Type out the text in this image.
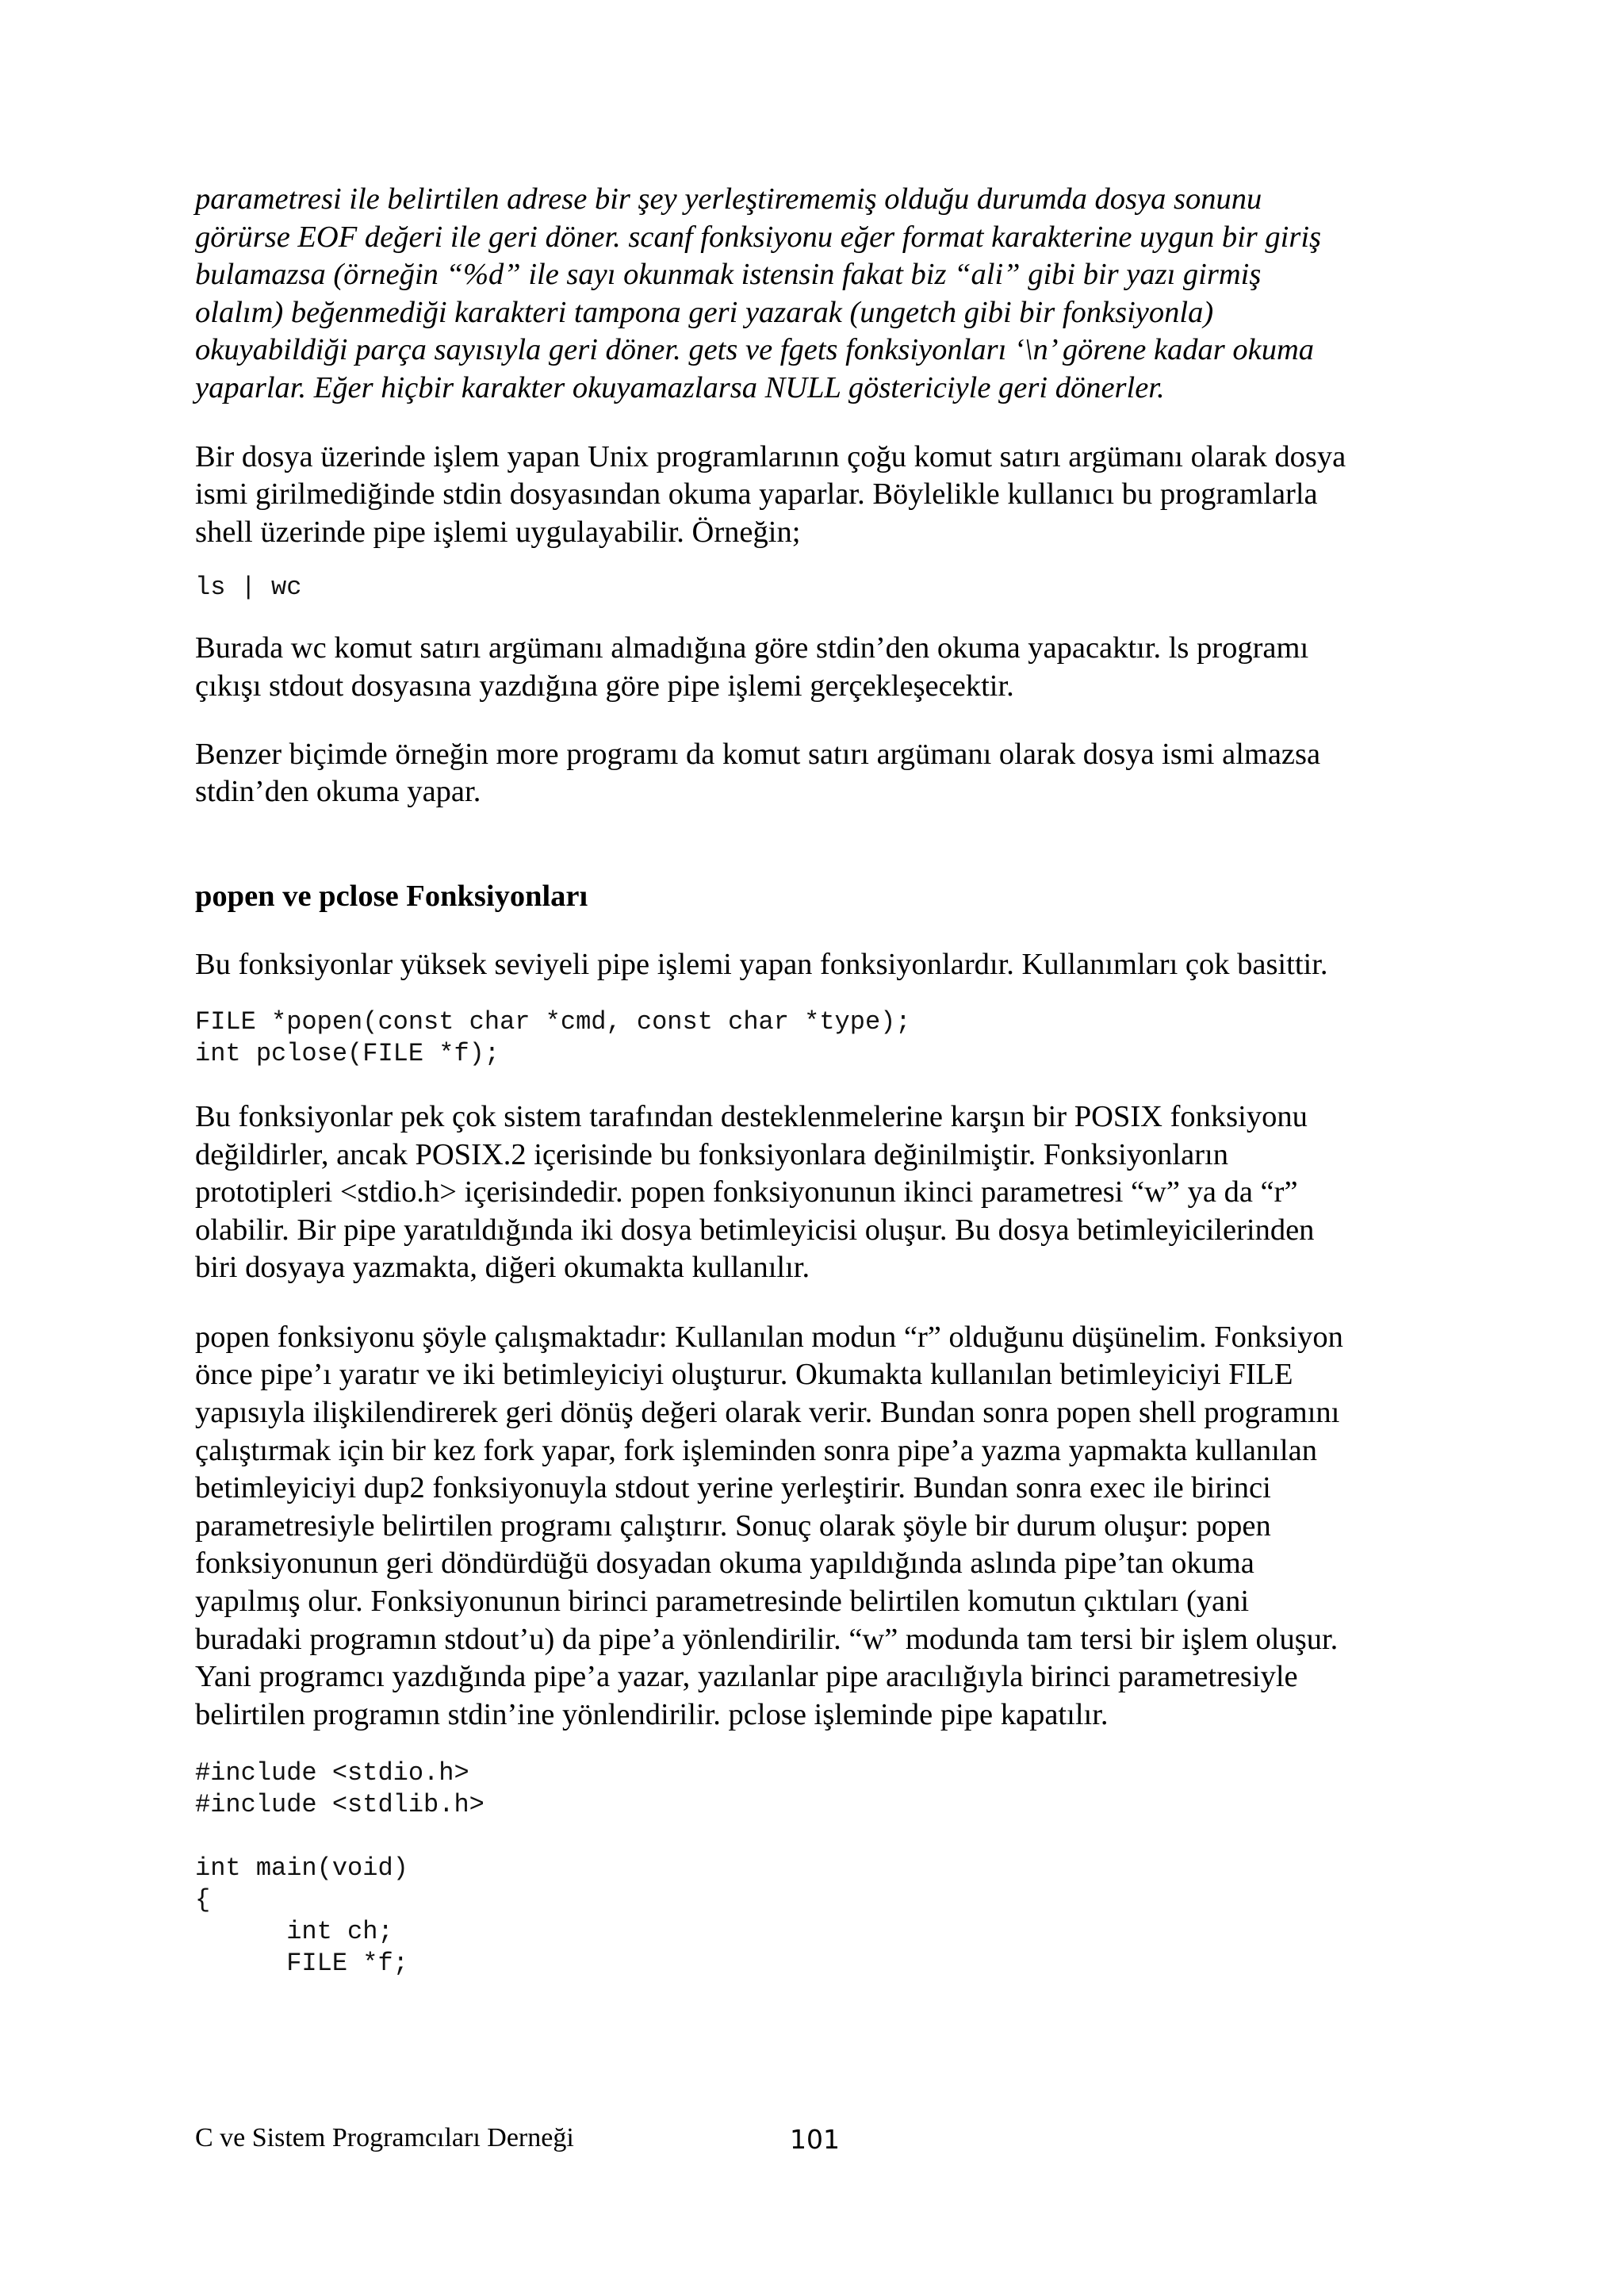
parametresi ile belirtilen adrese bir şey yerleştirememiş olduğu durumda dosya sonunu
görürse EOF değeri ile geri döner. scanf fonksiyonu eğer format karakterine uygun bir giriş
bulamazsa (örneğin “%d” ile sayı okunmak istensin fakat biz “ali” gibi bir yazı girmiş
olalım) beğenmediği karakteri tampona geri yazarak (ungetch gibi bir fonksiyonla)
okuyabildiği parça sayısıyla geri döner. gets ve fgets fonksiyonları ‘\n’ görene kadar okuma
yaparlar. Eğer hiçbir karakter okuyamazlarsa NULL göstericiyle geri dönerler.

Bir dosya üzerinde işlem yapan Unix programlarının çoğu komut satırı argümanı olarak dosya
ismi girilmediğinde stdin dosyasından okuma yaparlar. Böylelikle kullanıcı bu programlarla
shell üzerinde pipe işlemi uygulayabilir. Örneğin;

ls | wc

Burada wc komut satırı argümanı almadığına göre stdin’den okuma yapacaktır. ls programı
çıkışı stdout dosyasına yazdığına göre pipe işlemi gerçekleşecektir.

Benzer biçimde örneğin more programı da komut satırı argümanı olarak dosya ismi almazsa
stdin’den okuma yapar.

popen ve pclose Fonksiyonları

Bu fonksiyonlar yüksek seviyeli pipe işlemi yapan fonksiyonlardır. Kullanımları çok basittir.

FILE *popen(const char *cmd, const char *type);
int pclose(FILE *f);

Bu fonksiyonlar pek çok sistem tarafından desteklenmelerine karşın bir POSIX fonksiyonu
değildirler, ancak POSIX.2 içerisinde bu fonksiyonlara değinilmiştir. Fonksiyonların
prototipleri <stdio.h> içerisindedir. popen fonksiyonunun ikinci parametresi “w” ya da “r”
olabilir. Bir pipe yaratıldığında iki dosya betimleyicisi oluşur. Bu dosya betimleyicilerinden
biri dosyaya yazmakta, diğeri okumakta kullanılır.

popen fonksiyonu şöyle çalışmaktadır: Kullanılan modun “r” olduğunu düşünelim. Fonksiyon
önce pipe’ı yaratır ve iki betimleyiciyi oluşturur. Okumakta kullanılan betimleyiciyi FILE
yapısıyla ilişkilendirerek geri dönüş değeri olarak verir. Bundan sonra popen shell programını
çalıştırmak için bir kez fork yapar, fork işleminden sonra pipe’a yazma yapmakta kullanılan
betimleyiciyi dup2 fonksiyonuyla stdout yerine yerleştirir. Bundan sonra exec ile birinci
parametresiyle belirtilen programı çalıştırır. Sonuç olarak şöyle bir durum oluşur: popen
fonksiyonunun geri döndürdüğü dosyadan okuma yapıldığında aslında pipe’tan okuma
yapılmış olur. Fonksiyonunun birinci parametresinde belirtilen komutun çıktıları (yani
buradaki programın stdout’u) da pipe’a yönlendirilir. “w” modunda tam tersi bir işlem oluşur.
Yani programcı yazdığında pipe’a yazar, yazılanlar pipe aracılığıyla birinci parametresiyle
belirtilen programın stdin’ine yönlendirilir. pclose işleminde pipe kapatılır.

#include <stdio.h>
#include <stdlib.h>

int main(void)
{
int ch;
FILE *f;
C ve Sistem Programcıları Derneği	101
